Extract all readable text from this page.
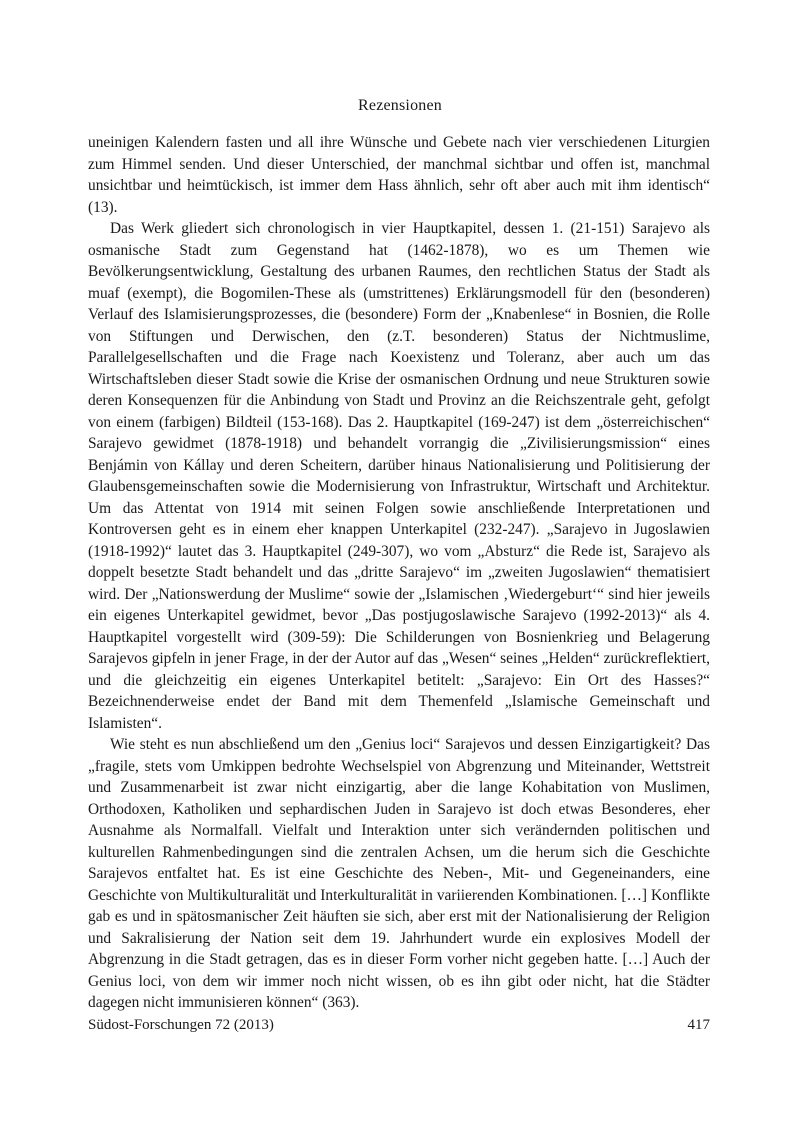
Rezensionen

uneinigen Kalendern fasten und all ihre Wünsche und Gebete nach vier verschiedenen Liturgien zum Himmel senden. Und dieser Unterschied, der manchmal sichtbar und offen ist, manchmal unsichtbar und heimtückisch, ist immer dem Hass ähnlich, sehr oft aber auch mit ihm identisch“ (13).

Das Werk gliedert sich chronologisch in vier Hauptkapitel, dessen 1. (21-151) Sarajevo als osmanische Stadt zum Gegenstand hat (1462-1878), wo es um Themen wie Bevölkerungsentwicklung, Gestaltung des urbanen Raumes, den rechtlichen Status der Stadt als muaf (exempt), die Bogomilen-These als (umstrittenes) Erklärungsmodell für den (besonderen) Verlauf des Islamisierungsprozesses, die (besondere) Form der „Knabenlese“ in Bosnien, die Rolle von Stiftungen und Derwischen, den (z.T. besonderen) Status der Nichtmuslime, Parallelgesellschaften und die Frage nach Koexistenz und Toleranz, aber auch um das Wirtschaftsleben dieser Stadt sowie die Krise der osmanischen Ordnung und neue Strukturen sowie deren Konsequenzen für die Anbindung von Stadt und Provinz an die Reichszentrale geht, gefolgt von einem (farbigen) Bildteil (153-168). Das 2. Hauptkapitel (169-247) ist dem „österreichischen“ Sarajevo gewidmet (1878-1918) und behandelt vorrangig die „Zivilisierungsmission“ eines Benjámin von Kállay und deren Scheitern, darüber hinaus Nationalisierung und Politisierung der Glaubensgemeinschaften sowie die Modernisierung von Infrastruktur, Wirtschaft und Architektur. Um das Attentat von 1914 mit seinen Folgen sowie anschließende Interpretationen und Kontroversen geht es in einem eher knappen Unterkapitel (232-247). „Sarajevo in Jugoslawien (1918-1992)“ lautet das 3. Hauptkapitel (249-307), wo vom „Absturz“ die Rede ist, Sarajevo als doppelt besetzte Stadt behandelt und das „dritte Sarajevo“ im „zweiten Jugoslawien“ thematisiert wird. Der „Nationswerdung der Muslime“ sowie der „Islamischen ‚Wiedergeburt‘“ sind hier jeweils ein eigenes Unterkapitel gewidmet, bevor „Das postjugoslawische Sarajevo (1992-2013)“ als 4. Hauptkapitel vorgestellt wird (309-59): Die Schilderungen von Bosnienkrieg und Belagerung Sarajevos gipfeln in jener Frage, in der der Autor auf das „Wesen“ seines „Helden“ zurückreflektiert, und die gleichzeitig ein eigenes Unterkapitel betitelt: „Sarajevo: Ein Ort des Hasses?“ Bezeichnenderweise endet der Band mit dem Themenfeld „Islamische Gemeinschaft und Islamisten“.

Wie steht es nun abschließend um den „Genius loci“ Sarajevos und dessen Einzigartigkeit? Das „fragile, stets vom Umkippen bedrohte Wechselspiel von Abgrenzung und Miteinander, Wettstreit und Zusammenarbeit ist zwar nicht einzigartig, aber die lange Kohabitation von Muslimen, Orthodoxen, Katholiken und sephardischen Juden in Sarajevo ist doch etwas Besonderes, eher Ausnahme als Normalfall. Vielfalt und Interaktion unter sich verändernden politischen und kulturellen Rahmenbedingungen sind die zentralen Achsen, um die herum sich die Geschichte Sarajevos entfaltet hat. Es ist eine Geschichte des Neben-, Mit- und Gegeneinanders, eine Geschichte von Multikulturalität und Interkulturalität in variierenden Kombinationen. […] Konflikte gab es und in spätosmanischer Zeit häuften sie sich, aber erst mit der Nationalisierung der Religion und Sakralisierung der Nation seit dem 19. Jahrhundert wurde ein explosives Modell der Abgrenzung in die Stadt getragen, das es in dieser Form vorher nicht gegeben hatte. […] Auch der Genius loci, von dem wir immer noch nicht wissen, ob es ihn gibt oder nicht, hat die Städter dagegen nicht immunisieren können“ (363).

Südost-Forschungen 72 (2013)	417
